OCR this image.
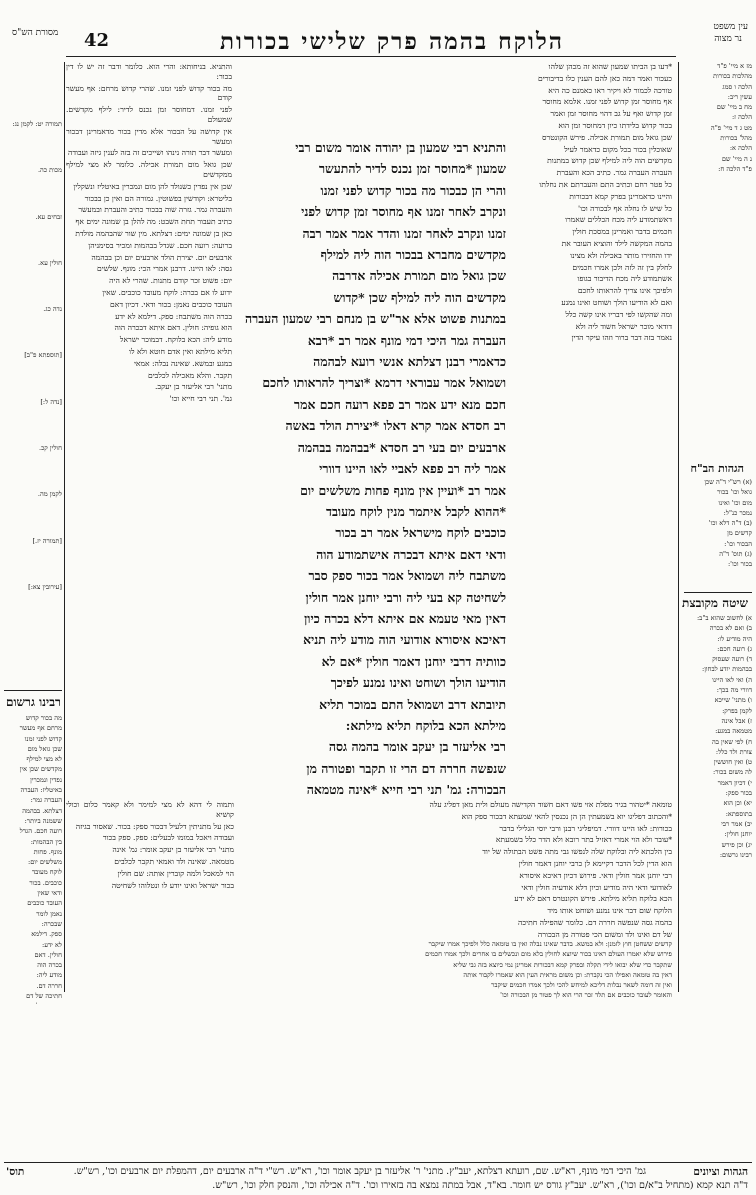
עין משפט
נר מצוה
הלוקח בהמה פרק שלישי בכורות
42
מסורת הש"ס

מז א מיי' פ"ד

מהלכות בכורות

הלכה ו סמג

עשין ריב:

מח ב מיי' שם

הלכה ז:

מט ג ד מיי' פ"ה

מהל' בכורות

הלכה א:

נ ה מיי' שם

פ"ד הלכה ח:

הגהות הב"ח

(א) רש"י ד"ה שכן

גואל וכו' בכור

מום וכו' ואינו

נמכר כנ"ל:

(ב) ד"ה דלא וכו'

קדשים מן

הבכור וכו':

(ג) תוס' ד"ה

בכור וכו':

שיטה מקובצת

א) לחשוב שהוא ב"ב:

ב) ואם לא בכרה

היה מודיע לו:

ג) רועה חכם:

ד) רועה שעסוק

בבהמות יודע לבחון:

ה) ואי לאו היינו

דוורי מה בכך:

ו) מתני' שייכא

לקמן בפרק:

ז) אבל אינה

מטמאה במגע:

ח) לפי שאין בה

צורת ולד כלל:

ט) ואין חוששין

לה משום בכור:

י) דכיון דאמר

בכור ספק:

יא) וכן הוא

בתוספתא:

יב) אמר רבי

יוחנן חולין:

יג) וכן פירש

רבינו גרשום:

*דעו בן הביתו שמעון שהוא זה מכהן שלהו

כעכור ואמר דמה כאן להם הענין כלו בדיבורים

טורכה לכמור לא ויקיר ראו כאמנם כה היא

אף מחוסר זמן קדוש לפני זמנו. אלמא מחוסר

זמן קדוש ואף על גב דהוי מחוסר זמן ואמר

בכור קדוש בלידתו כיון דמחוסר זמן הוא

שכן גואל מום תמורת אכילה. פירש הקונטרס

שאוכלין בכור בכל מקום כדאמר לעיל

מקדשים הוה ליה למילף שכן קדוש במתנות

העברה העברה גמר. כתיב הכא והעברת

כל פטר רחם וכתיב התם והעברתם את נחלתו

והיינו כדאמרינן בפרק קמא דבכורות

כל שיש לו נחלה אף לבכורה וכו'

דאשתמודע ליה מכח הכללים שאמרו

חכמים בדבר ואמרינן במסכת חולין

בהמה המקשה לילד והוציא העובר את

ידו והחזירו מותר באכילה ולא מצינו

לחלק בין זה לזה ולכן אמרו חכמים

אשתמודע ליה מכח הדיבור בגופו

ולפיכך אינו צריך להראותו לחכם

ואם לא הודיעו הולך ושוחט ואינו נמנע

ומה שהקשו לפי דבריו אינו קשה כלל

דודאי מוכר ישראל חשוד ליה ולא

נאמר בזה דבר ברור וזהו עיקר הדין

והתניא רבי שמעון בן יהודה אומר משום רבי

שמעון *מחוסר זמן נכנס לדיר להתעשר

והרי הן כבכור מה בכור קדוש לפני זמנו

ונקרב לאחר זמנו אף מחוסר זמן קדוש לפני

זמנו ונקרב לאחר זמנו והדר אמר אמר רבה

מקדשים מחברא בבכור הוה ליה למילף

שכן גואל מום תמורת אכילה אדרבה

מקדשים הוה ליה למילף שכן *קדוש

במתנות פשוט אלא אר"ש בן מנחם רבי שמעון העברה

העברה גמר היכי דמי מונף אמר רב *רבא

כדאמרי רבנן דצלתא אנשי רועא לבהמה

ושמואל אמר עבוראי דרמא *וצריך להראותו לחכם

חכם מנא ידע אמר רב פפא רועה חכם אמר

רב חסדא אמר קרא דאלו *יצירת הולד באשה

ארבעים יום בעי רב חסדא *בבהמה בבהמה

אמר ליה רב פפא לאביי לאו היינו דוורי

אמר רב *ועיין אין מונף פחות משלשים יום

*ההוא לקבל איתמר מנין לוקח מעובד

כוכבים לוקח מישראל אמר רב בכור

ודאי דאם איתא דבכרה אישתמודע הוה

משתבח ליה ושמואל אמר בכור ספק סבר

לשחיטה קא בעי ליה ורבי יוחנן אמר חולין

דאין מאי טעמא אם איתא דלא בכרה כיון

דאיכא איסורא אודועי הוה מודע ליה תניא

כוותיה דרבי יוחנן דאמר חולין *אם לא

הודיעו הולך ושוחט ואינו נמנע לפיכך

תיובתא דרב ושמואל התם במוכר תליא

מילתא הכא בלוקח תליא מילתא:

רבי אליעזר בן יעקב אומר בהמה גסה

שנפשה חררה דם הרי זו תקבר ופטורה מן

הבכורה: גמ' תני רבי חייא *אינה מטמאה

והתניא. בניחותא: והרי הוא. כלומר ודבר זה יש לו דין בכור:

מה בכור קדוש לפני זמנו. שהרי קדוש מרחם: אף מעשר קודם

לפני זמנו. דמחוסר זמן נכנס לדיר: לילף מקדשים. שמעולם

אין קדושה על הבכור אלא מדין בכור מדאמרינן דבכור ומעשר

ומעשר דבר תורה נינהו ושייכים זה בזה לענין גיזה ועבודה

שכן גואל מום תמורת אכילה. כלומר לא מצי למילף ממקדשים

שכן אין נפדין כשנולד להן מום ונמכרין באיטליז ונשקלין

בליטרא: וקודשין בפשוטין. גמורה הם ואין כן בבכור

והעברה גמר. גזרה שוה בבכור כתיב והעברת ובמעשר

כתיב תעבור תחת השבט: מה להלן בן שמונה ימים אף

כאן בן שמונה ימים: דצלתא. מין שור שהבהמה מולדת

ברועה: רועה חכם. שגדל בבהמות ומכיר בסימניהן

ארבעים יום. יצירת הולד ארבעים יום וכן בבהמה

גסה: לאו היינו. דרבנן אמרי הכי: מונף. שלשים

יום: פשוט זכר קודם מתנות. שהרי לא היה

ידוע לו אם בכרה: לוקח מעובד כוכבים. שאין

העובד כוכבים נאמן: בכור ודאי. דכיון דאם

בכרה הוה משתבח: ספק. דילמא לא ידע

הוא גופיה: חולין. דאם איתא דבכרה הוה

מודע ליה: הכא בלוקח. דבמוכר ישראל

תליא מילתא ואין אדם חוטא ולא לו

במגע ובמשא. שאינה נבלה: אמאי

תקבר. והלא מאכילה לכלבים

מתני' רבי אליעזר בן יעקב.

גמ'. תני רבי חייא וכו'

תמורה יט: לקמן נג:

מכות כה.

זבחים עא.

חולין עא.

נדה כג.

[תוספתא פ"ב]

[נדה ל:]

חולין קכ.

לקמן מה.

[תמורה יז.]

[עירובין צא:]

רבינו גרשום

מה בכור קדוש

מרחם אף מעשר

קדוש לפני זמנו

שכן גואל מום

לא מצי למילף

מקדשים שכן אין

נפדין ונמכרין

באיטליז: העברה

העברה גמר:

דצלתא. בבהמה

ששמנה ביותר:

רועה חכם. הגדל

בין הבהמות:

מונף. פחות

משלשים יום:

לוקח מעובד

כוכבים. בכור

ודאי שאין

העובד כוכבים

נאמן לומר

שבכרה:

ספק. דילמא

לא ידע:

חולין. דאם

בכרה הוה

מודע ליה:

חררה דם.

חתיכה של דם

טומאה *יטהור בגיר מפלת אזי פשו דאם חשוד הקדישה מעולם ולית מאן דפליג עלה

*והכתוב דפליגו יוא בשמעתין הן הן נכנסין להאי שמעתא דבכור ספק הוא

בכורות: לאו היינו דוורי. דמיפליגי רבנן ורבי יוסי הגלילי בדבר

*עובר ולא הוי אמרי דאזיל בתר רובא ולא הדר כלל בשמעתא

בין הלכתא ליה ובלוקח שלה לנפשו גבי מתה פשט הבתולה של יוד

הוא הדין לכל הדבר דקיימא לן כרבי יוחנן דאמר חולין

רבי יוחנן אמר חולין ודאי. פירוש דכיון דאיכא איסורא

לאודועי ודאי היה מודיע וכיון דלא אודעיה חולין ודאי

הכא בלוקח תליא מילתא. פירש הקונטרס דאם לא ידע

הלוקח שום דבר אינו נמנע ושוחט אותו מיד

בהמה גסה שנפשה חררה דם. כלומר שהפילה חתיכה

של דם ואינו ולד ומשום הכי פטורה מן הבכורה

ותמוה לי דהא לא מצי למימר ולא קאמר כלום וכולי קושיא

כאן על מתניתין דלעיל דבכור ספק: בכור. שאסור בגיזה

ועבודה ויאכל במומו לבעלים: ספק. ספק בכור

מתני' רבי אליעזר בן יעקב אומר: גמ' אינה

מטמאה. שאינה ולד ואמאי תקבר לכלבים

הוי למאכל ולמה קוברין אותה: שם חולין

בכור ישראל ואינו יודע לו ונטלוהו לשחיטה

קדשים ששחטן חוץ לזמנן: ולא במשא. בדבר שאינו נבלה ואין בו טומאה כלל ולפיכך אמרו שיקבר

פירוש שלא יאמרו העולם ראינו בכור שיוצא לחולין בלא מום ונכשלים בו אחרים ולכך אמרו חכמים

שתקבר כדי שלא יבואו לידי תקלה ובפרק קמא דבכורות אמרינן נמי כיוצא בזה גבי שליא

דאין בה טומאה ואפילו הכי נקברת: וכן משום מראית העין הוא שאמרו לקבור אותה

ואין זה דומה לשאר נבלות דליכא למיחש להכי ולכך אמרו חכמים שיקבר

והאומר לעובד כוכבים אם תלד זכר הרי הוא לך פטור מן הבכורה וכו'

הגהות וציונים
גמ' היכי דמי מונף, רא"ש. שם, רועתא דצלתא, יעב"ץ. מתני' ר' אליעזר בן יעקב אומר וכו', רא"ש. רש"י ד"ה ארבעים יום, דהמפלת יום ארבעים וכו', רש"ש.
ד"ה תנא קמא (מתחיל ב"א/ם וכו'), רא"ש. יעב"ץ גורס יש חומר. בא"ד, אבל במתה נמצא בה בזאירו וכו'. ד"ה אכילה וכו', והנסק חלק וכו', רש"ש.
תוס'
